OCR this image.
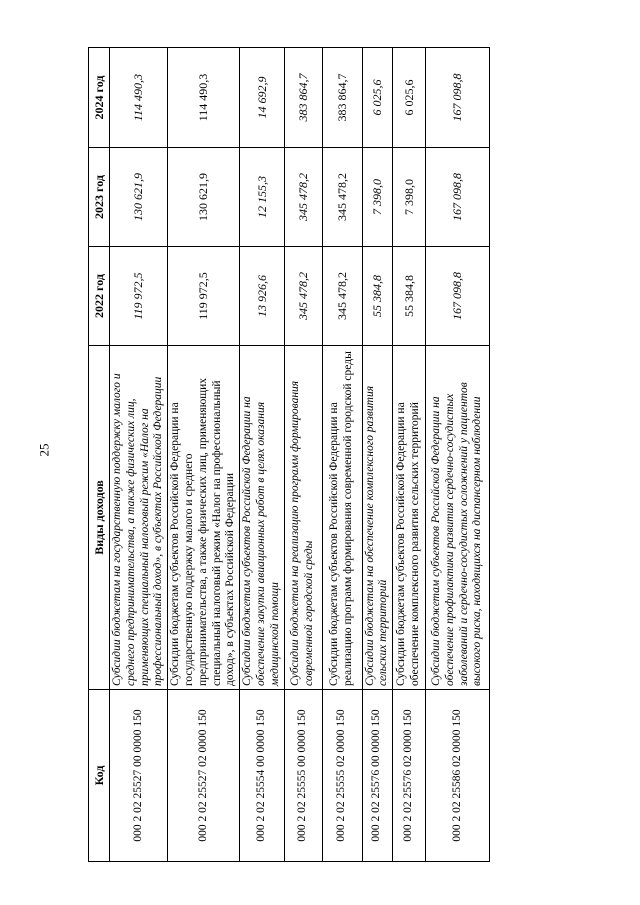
25
Код	Виды доходов	2022 год	2023 год	2024 год
000 2 02 25527 00 0000 150	Субсидии бюджетам на государственную поддержку малого и среднего предпринимательства, а также физических лиц, применяющих специальный налоговый режим «Налог на профессиональный доход», в субъектах Российской Федерации	119 972,5	130 621,9	114 490,3
000 2 02 25527 02 0000 150	Субсидии бюджетам субъектов Российской Федерации на государственную поддержку малого и среднего предпринимательства, а также физических лиц, применяющих специальный налоговый режим «Налог на профессиональный доход», в субъектах Российской Федерации	119 972,5	130 621,9	114 490,3
000 2 02 25554 00 0000 150	Субсидии бюджетам субъектов Российской Федерации на обеспечение закупки авиационных работ в целях оказания медицинской помощи	13 926,6	12 155,3	14 692,9
000 2 02 25555 00 0000 150	Субсидии бюджетам на реализацию программ формирования современной городской среды	345 478,2	345 478,2	383 864,7
000 2 02 25555 02 0000 150	Субсидии бюджетам субъектов Российской Федерации на реализацию программ формирования современной городской среды	345 478,2	345 478,2	383 864,7
000 2 02 25576 00 0000 150	Субсидии бюджетам на обеспечение комплексного развития сельских территорий	55 384,8	7 398,0	6 025,6
000 2 02 25576 02 0000 150	Субсидии бюджетам субъектов Российской Федерации на обеспечение комплексного развития сельских территорий	55 384,8	7 398,0	6 025,6
000 2 02 25586 02 0000 150	Субсидии бюджетам субъектов Российской Федерации на обеспечение профилактики развития сердечно-сосудистых заболеваний и сердечно-сосудистых осложнений у пациентов высокого риска, находящихся на диспансерном наблюдении	167 098,8	167 098,8	167 098,8
